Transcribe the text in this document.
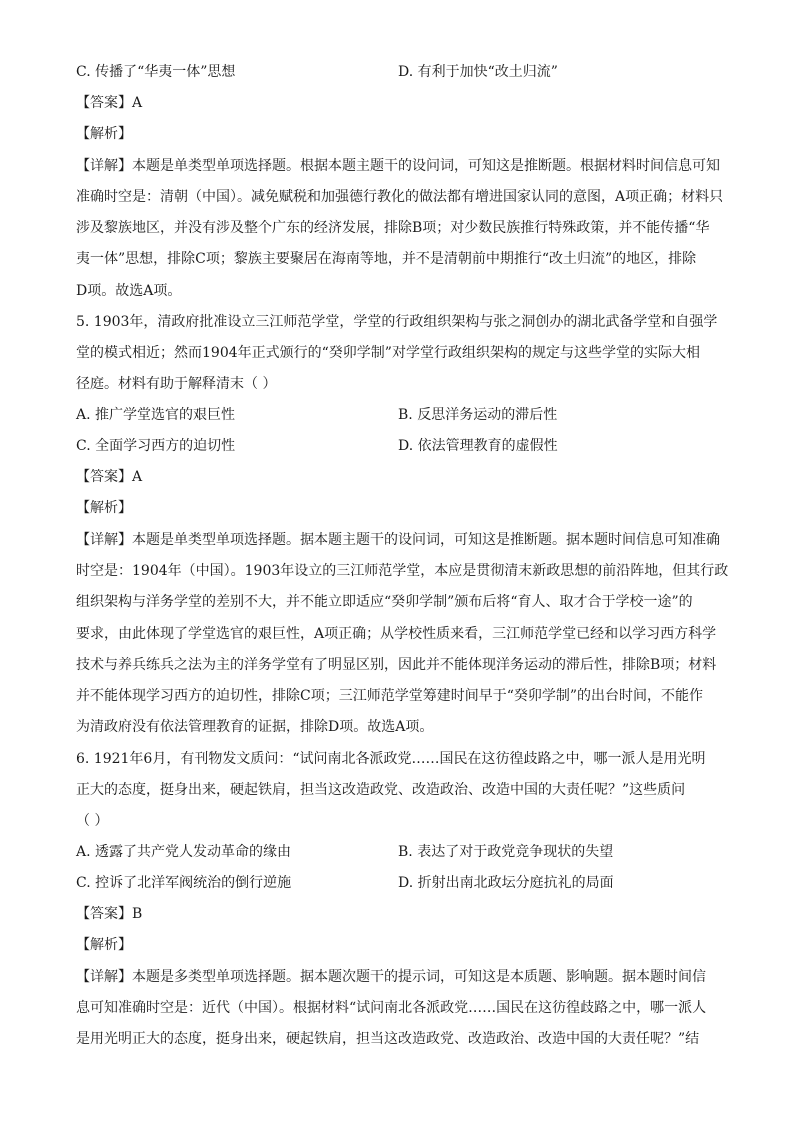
C. 传播了“华夷一体”思想	D. 有利于加快“改土归流”
【答案】A
【解析】
【详解】本题是单类型单项选择题。根据本题主题干的设问词，可知这是推断题。根据材料时间信息可知
准确时空是：清朝（中国）。减免赋税和加强德行教化的做法都有增进国家认同的意图，A项正确；材料只
涉及黎族地区，并没有涉及整个广东的经济发展，排除B项；对少数民族推行特殊政策，并不能传播“华
夷一体”思想，排除C项；黎族主要聚居在海南等地，并不是清朝前中期推行“改土归流”的地区，排除
D项。故选A项。
5. 1903年，清政府批准设立三江师范学堂，学堂的行政组织架构与张之洞创办的湖北武备学堂和自强学
堂的模式相近；然而1904年正式颁行的“癸卯学制”对学堂行政组织架构的规定与这些学堂的实际大相
径庭。材料有助于解释清末（ ）
A. 推广学堂选官的艰巨性	B. 反思洋务运动的滞后性
C. 全面学习西方的迫切性	D. 依法管理教育的虚假性
【答案】A
【解析】
【详解】本题是单类型单项选择题。据本题主题干的设问词，可知这是推断题。据本题时间信息可知准确
时空是：1904年（中国）。1903年设立的三江师范学堂，本应是贯彻清末新政思想的前沿阵地，但其行政
组织架构与洋务学堂的差别不大，并不能立即适应“癸卯学制”颁布后将“育人、取才合于学校一途”的
要求，由此体现了学堂选官的艰巨性，A项正确；从学校性质来看，三江师范学堂已经和以学习西方科学
技术与养兵练兵之法为主的洋务学堂有了明显区别，因此并不能体现洋务运动的滞后性，排除B项；材料
并不能体现学习西方的迫切性，排除C项；三江师范学堂筹建时间早于“癸卯学制”的出台时间，不能作
为清政府没有依法管理教育的证据，排除D项。故选A项。
6. 1921年6月，有刊物发文质问：“试问南北各派政党……国民在这彷徨歧路之中，哪一派人是用光明
正大的态度，挺身出来，硬起铁肩，担当这改造政党、改造政治、改造中国的大责任呢？”这些质问
（ ）
A. 透露了共产党人发动革命的缘由	B. 表达了对于政党竞争现状的失望
C. 控诉了北洋军阀统治的倒行逆施	D. 折射出南北政坛分庭抗礼的局面
【答案】B
【解析】
【详解】本题是多类型单项选择题。据本题次题干的提示词，可知这是本质题、影响题。据本题时间信
息可知准确时空是：近代（中国）。根据材料“试问南北各派政党……国民在这彷徨歧路之中，哪一派人
是用光明正大的态度，挺身出来，硬起铁肩，担当这改造政党、改造政治、改造中国的大责任呢？”结
